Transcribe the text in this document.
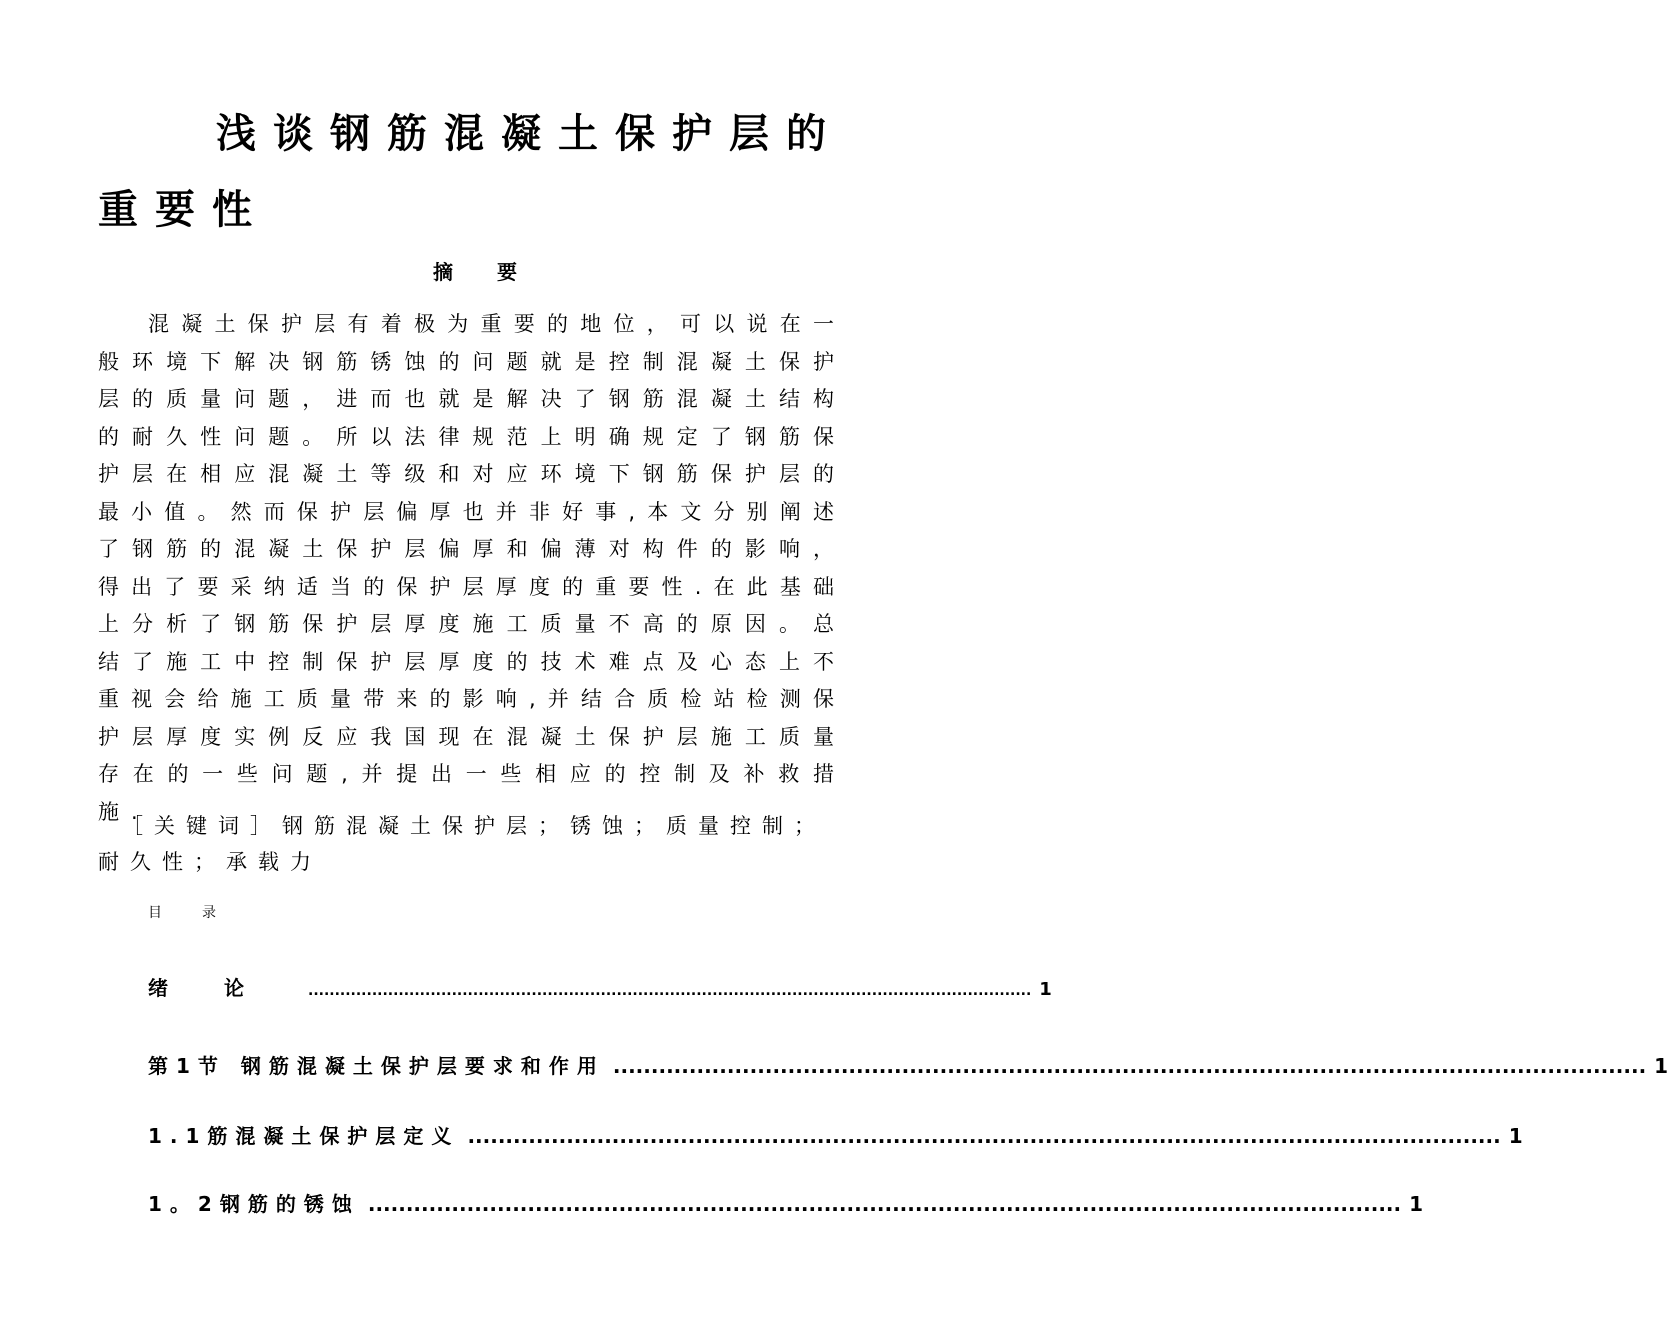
浅谈钢筋混凝土保护层的重要性
摘要

混凝土保护层有着极为重要的地位，可以说在一般环境下解决钢筋锈蚀的问题就是控制混凝土保护层的质量问题，进而也就是解决了钢筋混凝土结构的耐久性问题。所以法律规范上明确规定了钢筋保护层在相应混凝土等级和对应环境下钢筋保护层的最小值。然而保护层偏厚也并非好事,本文分别阐述了钢筋的混凝土保护层偏厚和偏薄对构件的影响，得出了要采纳适当的保护层厚度的重要性.在此基础上分析了钢筋保护层厚度施工质量不高的原因。总结了施工中控制保护层厚度的技术难点及心态上不重视会给施工质量带来的影响,并结合质检站检测保护层厚度实例反应我国现在混凝土保护层施工质量存在的一些问题,并提出一些相应的控制及补救措施.

［关键词］钢筋混凝土保护层；锈蚀；质量控制；耐久性；承载力

目录
绪论 ........................................................................................................................................ 1
第1节 钢筋混凝土保护层要求和作用 ........................................................................................................................................ 1
1.1筋混凝土保护层定义 ........................................................................................................................................ 1
1。2钢筋的锈蚀 ........................................................................................................................................ 1
